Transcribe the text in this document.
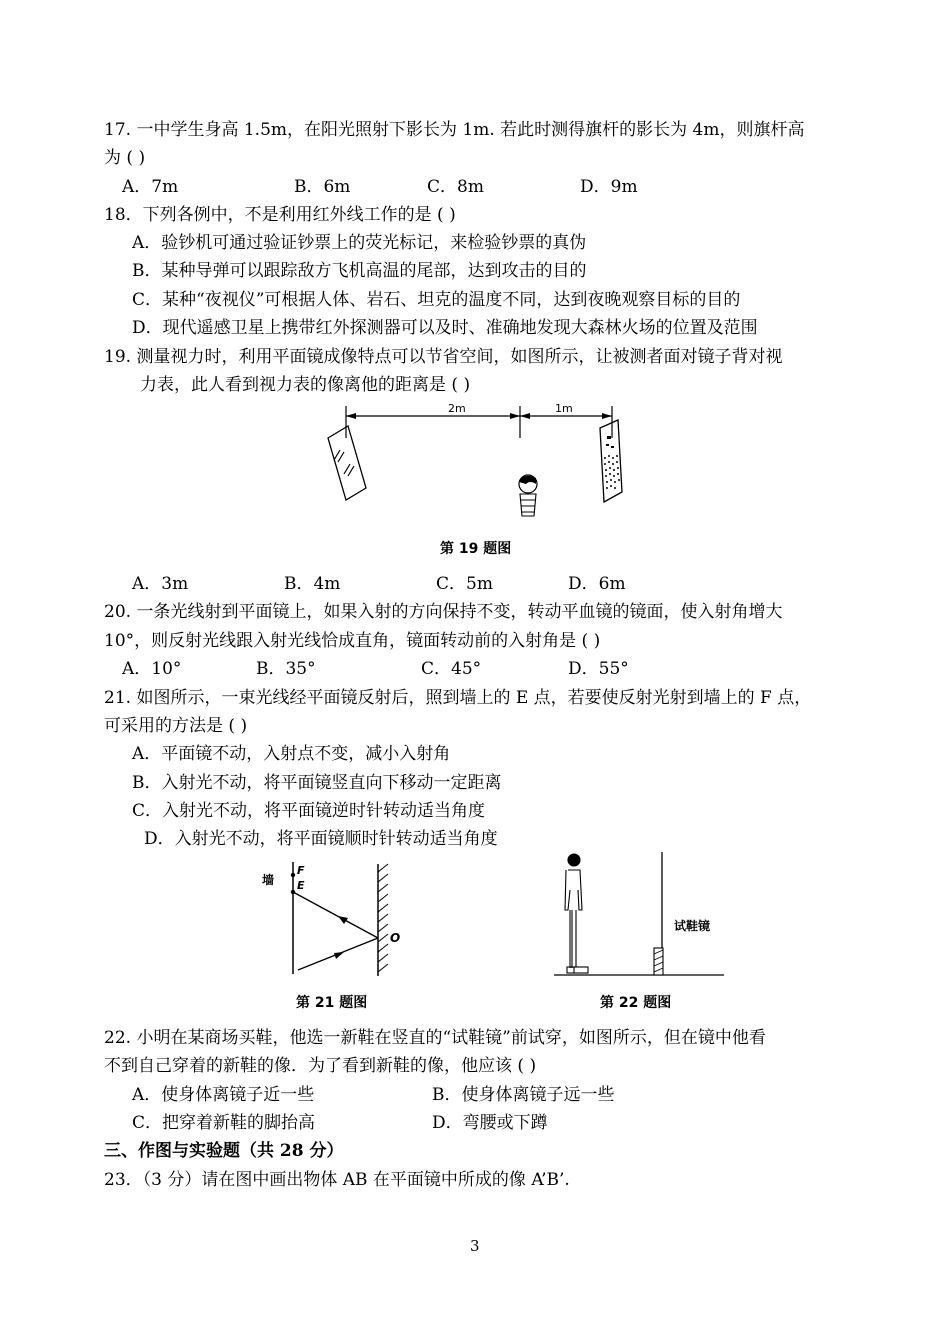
17. 一中学生身高 1.5m，在阳光照射下影长为 1m. 若此时测得旗杆的影长为 4m，则旗杆高
为 ( )
A．7m	B．6m	C．8m	D．9m
18．下列各例中，不是利用红外线工作的是 ( )
A．验钞机可通过验证钞票上的荧光标记，来检验钞票的真伪
B．某种导弹可以跟踪敌方飞机高温的尾部，达到攻击的目的
C．某种“夜视仪”可根据人体、岩石、坦克的温度不同，达到夜晚观察目标的目的
D．现代遥感卫星上携带红外探测器可以及时、准确地发现大森林火场的位置及范围
19. 测量视力时，利用平面镜成像特点可以节省空间，如图所示，让被测者面对镜子背对视
力表，此人看到视力表的像离他的距离是 ( )
2m	1m
第 19 题图
A．3m	B．4m	C．5m	D．6m
20. 一条光线射到平面镜上，如果入射的方向保持不变，转动平血镜的镜面，使入射角增大
10°，则反射光线跟入射光线恰成直角，镜面转动前的入射角是 ( )
A．10°	B．35°	C．45°	D．55°
21. 如图所示，一束光线经平面镜反射后，照到墙上的 E 点，若要使反射光射到墙上的 F 点，
可采用的方法是 ( )
A．平面镜不动，入射点不变，减小入射角
B．入射光不动，将平面镜竖直向下移动一定距离
C．入射光不动，将平面镜逆时针转动适当角度
D．入射光不动，将平面镜顺时针转动适当角度
墙
F
E
O
第 21 题图
试鞋镜
第 22 题图
22. 小明在某商场买鞋，他选一新鞋在竖直的“试鞋镜”前试穿，如图所示，但在镜中他看
不到自己穿着的新鞋的像．为了看到新鞋的像，他应该 ( )
A．使身体离镜子近一些	B．使身体离镜子远一些
C．把穿着新鞋的脚抬高	D．弯腰或下蹲
三、作图与实验题（共 28 分）
23．（3 分）请在图中画出物体 AB 在平面镜中所成的像 A’B’.
3
